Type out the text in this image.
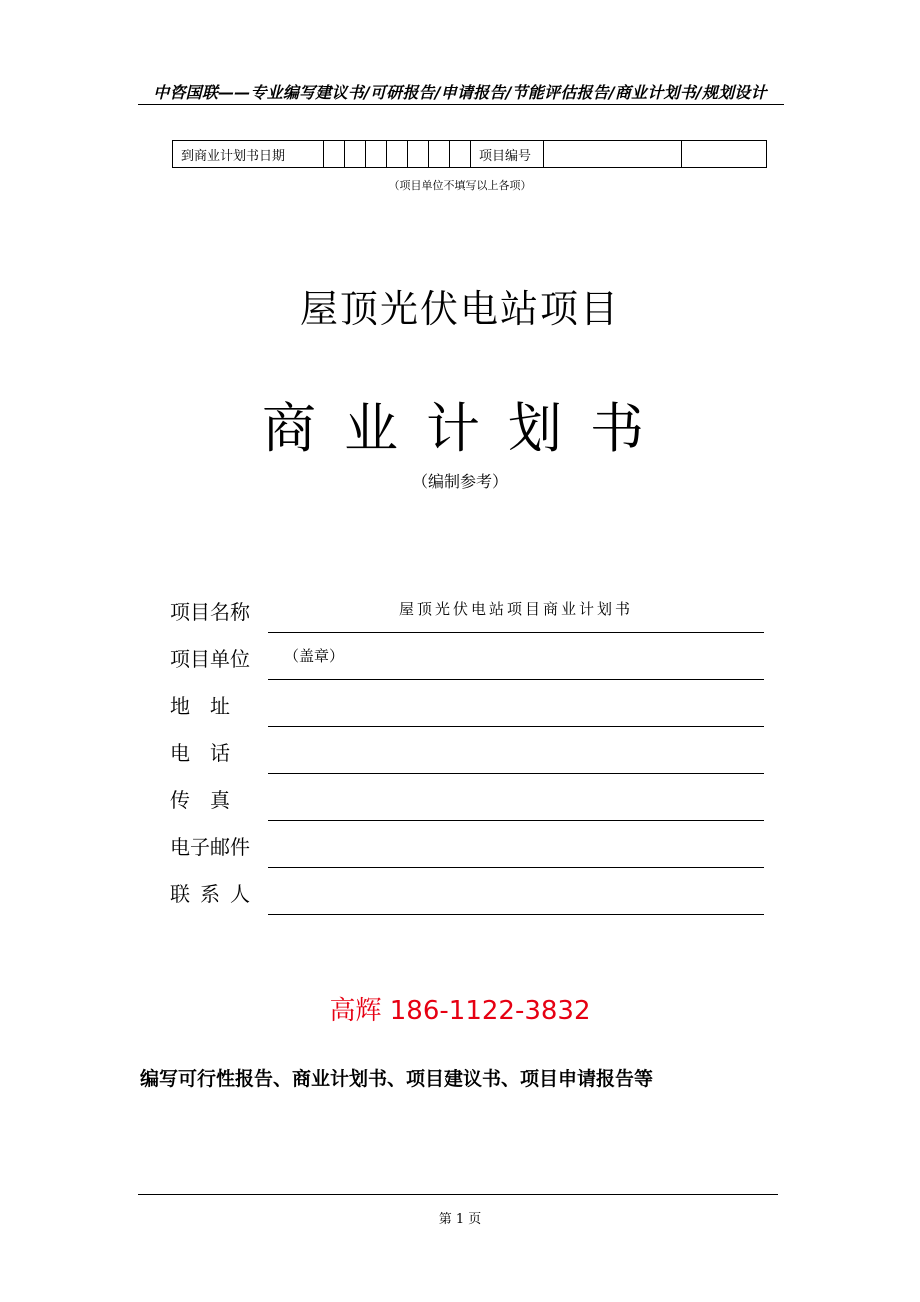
中咨国联——专业编写建议书/可研报告/申请报告/节能评估报告/商业计划书/规划设计
到商业计划书日期								项目编号		
（项目单位不填写以上各项）
屋顶光伏电站项目
商业计划书
（编制参考）
项目名称	屋顶光伏电站项目商业计划书
项目单位	（盖章）
地　址
电　话
传　真
电子邮件
联系人
高辉 186-1122-3832
编写可行性报告、商业计划书、项目建议书、项目申请报告等
第 1 页
